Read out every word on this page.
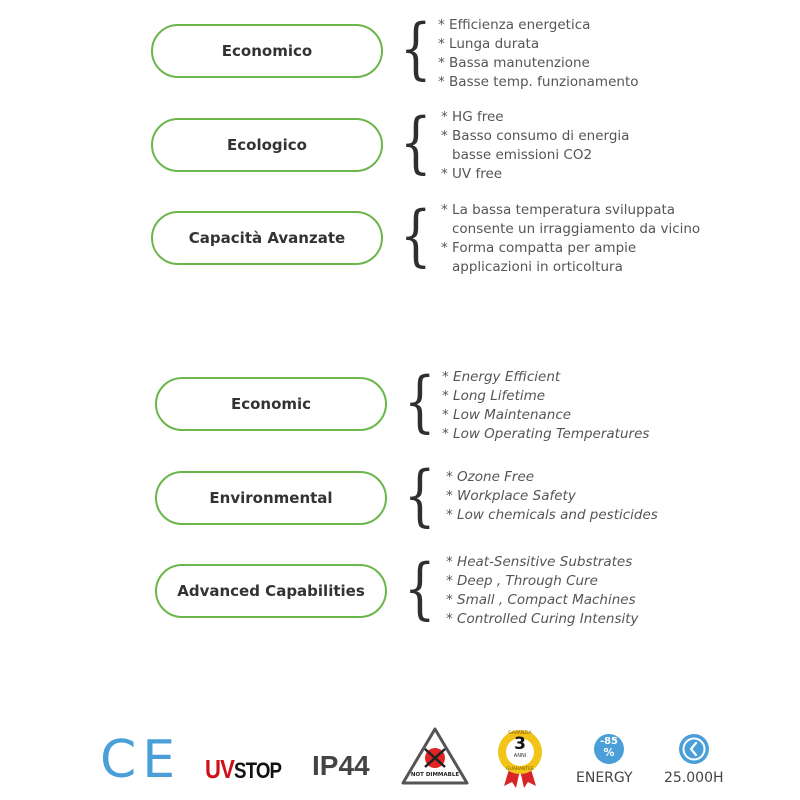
Economico	{ * Efficienza energetica
* Lunga durata
* Bassa manutenzione
* Basse temp. funzionamento
Ecologico	{ * HG free
* Basso consumo di energia
basse emissioni CO2
* UV free
Capacità Avanzate { * La bassa temperatura sviluppata
consente un irraggiamento da vicino
* Forma compatta per ampie
applicazioni in orticoltura
Economic	{ * Energy Efficient
* Long Lifetime
* Low Maintenance
* Low Operating Temperatures
Environmental	{ * Ozone Free
* Workplace Safety
* Low chemicals and pesticides
Advanced Capabilities { * Heat-Sensitive Substrates
* Deep , Through Cure
* Small , Compact Machines
* Controlled Curing Intensity
CE UVSTOP IP44	NOT DIMMABLE
3
ANNI
GARANZIA
GUARANTEE
-85
%
ENERGY 25.000H
